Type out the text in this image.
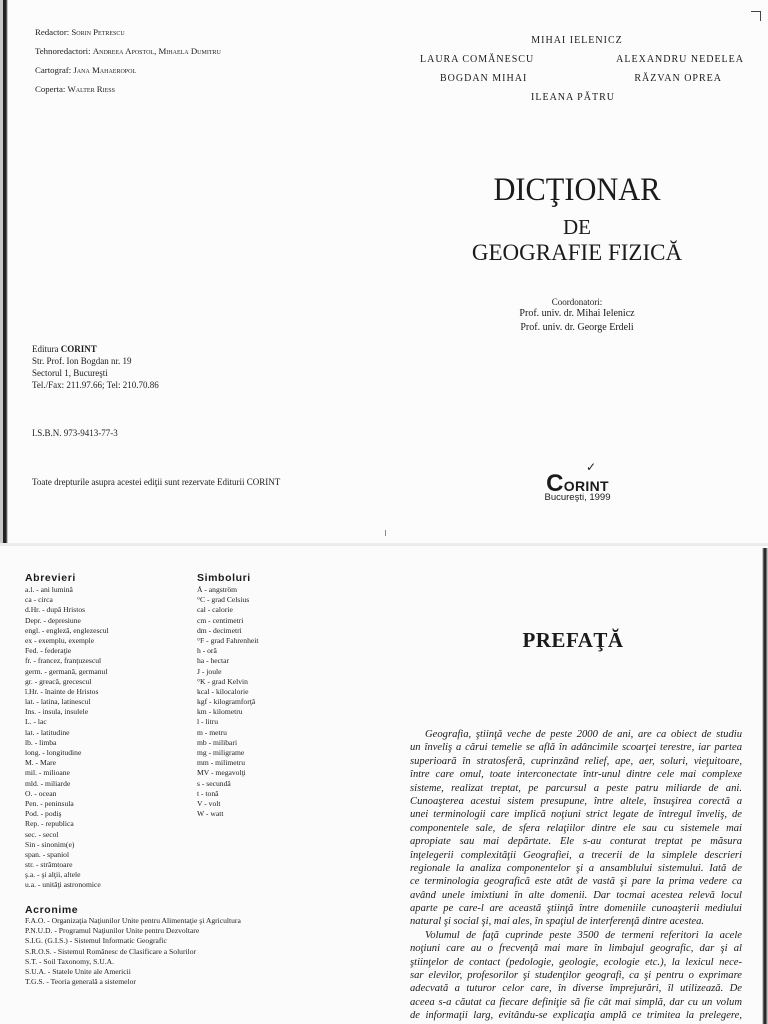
Redactor: Sorin Petrescu
Tehnoredactori: Andreea Apostol, Mihaela Dumitru
Cartograf: Jana Mahaeropol
Coperta: Walter Riess
MIHAI IELENICZ
LAURA COMĂNESCU	ALEXANDRU NEDELEA
BOGDAN MIHAI	RĂZVAN OPREA
ILEANA PĂTRU
DICŢIONAR
DE
GEOGRAFIE FIZICĂ
Coordonatori:
Prof. univ. dr. Mihai Ielenicz
Prof. univ. dr. George Erdeli
Editura CORINT
Str. Prof. Ion Bogdan nr. 19
Sectorul 1, Bucureşti
Tel./Fax: 211.97.66; Tel: 210.70.86
I.S.B.N. 973-9413-77-3
Toate drepturile asupra acestei ediţii sunt rezervate Editurii CORINT
✓
CORINT
Bucureşti, 1999
Abrevieri
a.l. - ani lumină
ca - circa
d.Hr. - după Hristos
Depr. - depresiune
engl. - engleză, englezescul
ex - exemplu, exemple
Fed. - federaţie
fr. - francez, franţuzescul
germ. - germană, germanul
gr. - greacă, grecescul
î.Hr. - înainte de Hristos
lat. - latina, latinescul
Ins. - insula, insulele
L. - lac
lat. - latitudine
lb. - limba
long. - longitudine
M. - Mare
mil. - milioane
mld. - miliarde
O. - ocean
Pen. - peninsula
Pod. - podiş
Rep. - republica
sec. - secol
Sin - sinonim(e)
span. - spaniol
str. - strâmtoare
ş.a. - şi alţii, altele
u.a. - unităţi astronomice
Simboluri
Å - angström
°C - grad Celsius
cal - calorie
cm - centimetri
dm - decimetri
°F - grad Fahrenheit
h - oră
ha - hectar
J - joule
°K - grad Kelvin
kcal - kilocalorie
kgf - kilogramforţă
km - kilometru
l - litru
m - metru
mb - milibari
mg - miligrame
mm - milimetru
MV - megavolţi
s - secundă
t - tonă
V - volt
W - watt
Acronime
F.A.O. - Organizaţia Naţiunilor Unite pentru Alimentaţie şi Agricultura
P.N.U.D. - Programul Naţiunilor Unite pentru Dezvoltare
S.I.G. (G.I.S.) - Sistemul Informatic Geografic
S.R.O.S. - Sistemul Românesc de Clasificare a Solurilor
S.T. - Soil Taxonomy, S.U.A.
S.U.A. - Statele Unite ale Americii
T.G.S. - Teoria generală a sistemelor
PREFAŢĂ
Geografia, ştiinţă veche de peste 2000 de ani, are ca obiect de studiu
un înveliş a cărui temelie se află în adâncimile scoarţei terestre, iar partea
superioară în stratosferă, cuprinzând relief, ape, aer, soluri, vieţuitoare,
între care omul, toate interconectate într-unul dintre cele mai complexe
sisteme, realizat treptat, pe parcursul a peste patru miliarde de ani.
Cunoaşterea acestui sistem presupune, între altele, însuşirea corectă a
unei terminologii care implică noţiuni strict legate de întregul înveliş, de
componentele sale, de sfera relaţiilor dintre ele sau cu sistemele mai
apropiate sau mai depărtate. Ele s-au conturat treptat pe măsura
înţelegerii complexităţii Geografiei, a trecerii de la simplele descrieri
regionale la analiza componentelor şi a ansamblului sistemului. Iată de
ce terminologia geografică este atât de vastă şi pare la prima vedere ca
având unele imixtiuni în alte domenii. Dar tocmai acestea relevă locul
aparte pe care-l are această ştiinţă între domeniile cunoaşterii mediului
natural şi social şi, mai ales, în spaţiul de interferenţă dintre acestea.
Volumul de faţă cuprinde peste 3500 de termeni referitori la acele
noţiuni care au o frecvenţă mai mare în limbajul geografic, dar şi al
ştiinţelor de contact (pedologie, geologie, ecologie etc.), la lexicul nece-
sar elevilor, profesorilor şi studenţilor geografi, ca şi pentru o exprimare
adecvată a tuturor celor care, în diverse împrejurări, îl utilizează. De
aceea s-a căutat ca fiecare definiţie să fie cât mai simplă, dar cu un volum
de informaţii larg, evitându-se explicaţia amplă ce trimitea la prelegere,
